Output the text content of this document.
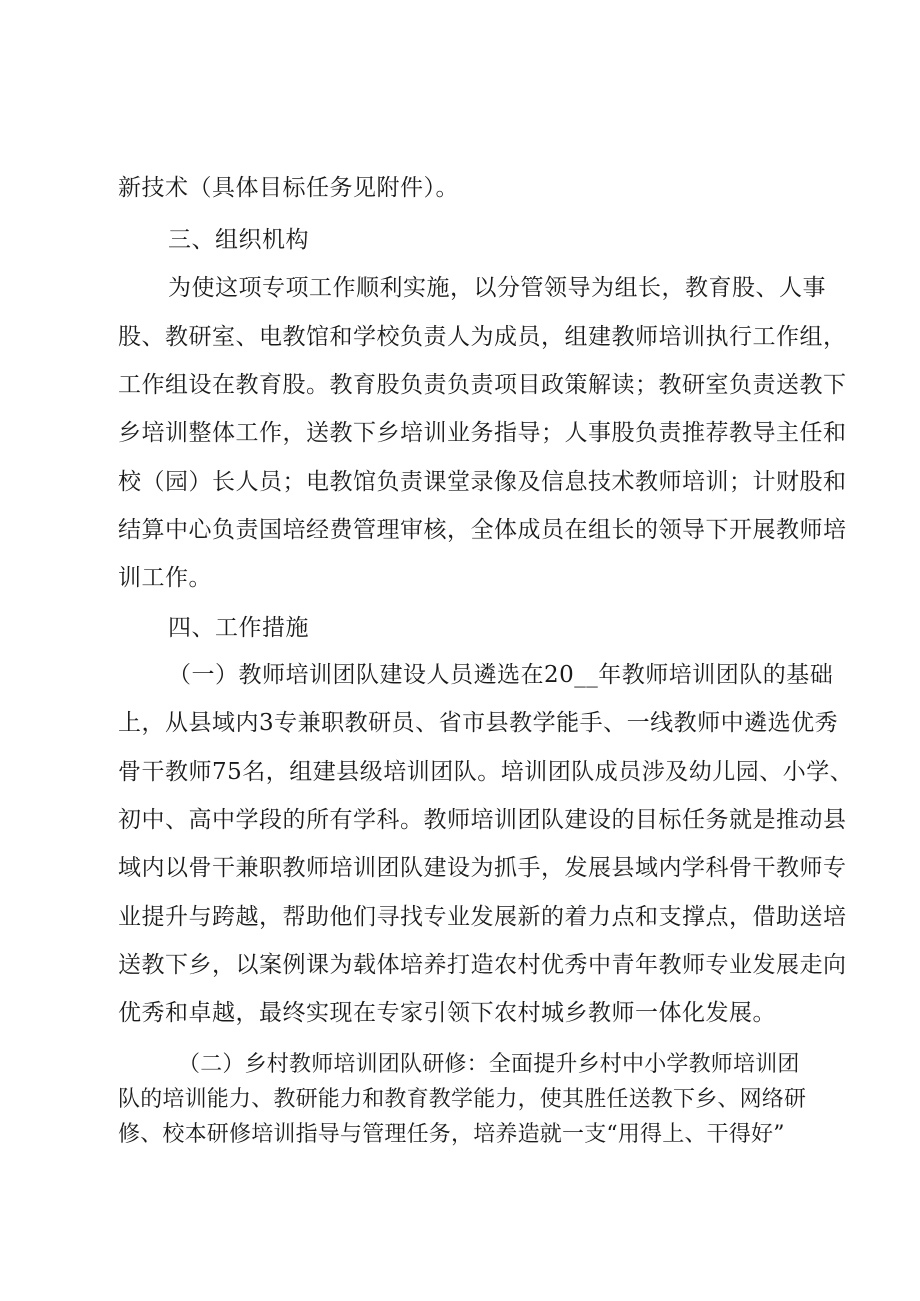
新技术（具体目标任务见附件）。
三、组织机构
为使这项专项工作顺利实施，以分管领导为组长，教育股、人事
股、教研室、电教馆和学校负责人为成员，组建教师培训执行工作组，
工作组设在教育股。教育股负责负责项目政策解读；教研室负责送教下
乡培训整体工作，送教下乡培训业务指导；人事股负责推荐教导主任和
校（园）长人员；电教馆负责课堂录像及信息技术教师培训；计财股和
结算中心负责国培经费管理审核，全体成员在组长的领导下开展教师培
训工作。
四、工作措施
（一）教师培训团队建设人员遴选在20__年教师培训团队的基础
上，从县域内3专兼职教研员、省市县教学能手、一线教师中遴选优秀
骨干教师75名，组建县级培训团队。培训团队成员涉及幼儿园、小学、
初中、高中学段的所有学科。教师培训团队建设的目标任务就是推动县
域内以骨干兼职教师培训团队建设为抓手，发展县域内学科骨干教师专
业提升与跨越，帮助他们寻找专业发展新的着力点和支撑点，借助送培
送教下乡，以案例课为载体培养打造农村优秀中青年教师专业发展走向
优秀和卓越，最终实现在专家引领下农村城乡教师一体化发展。
（二）乡村教师培训团队研修：全面提升乡村中小学教师培训团
队的培训能力、教研能力和教育教学能力，使其胜任送教下乡、网络研
修、校本研修培训指导与管理任务，培养造就一支“用得上、干得好”
